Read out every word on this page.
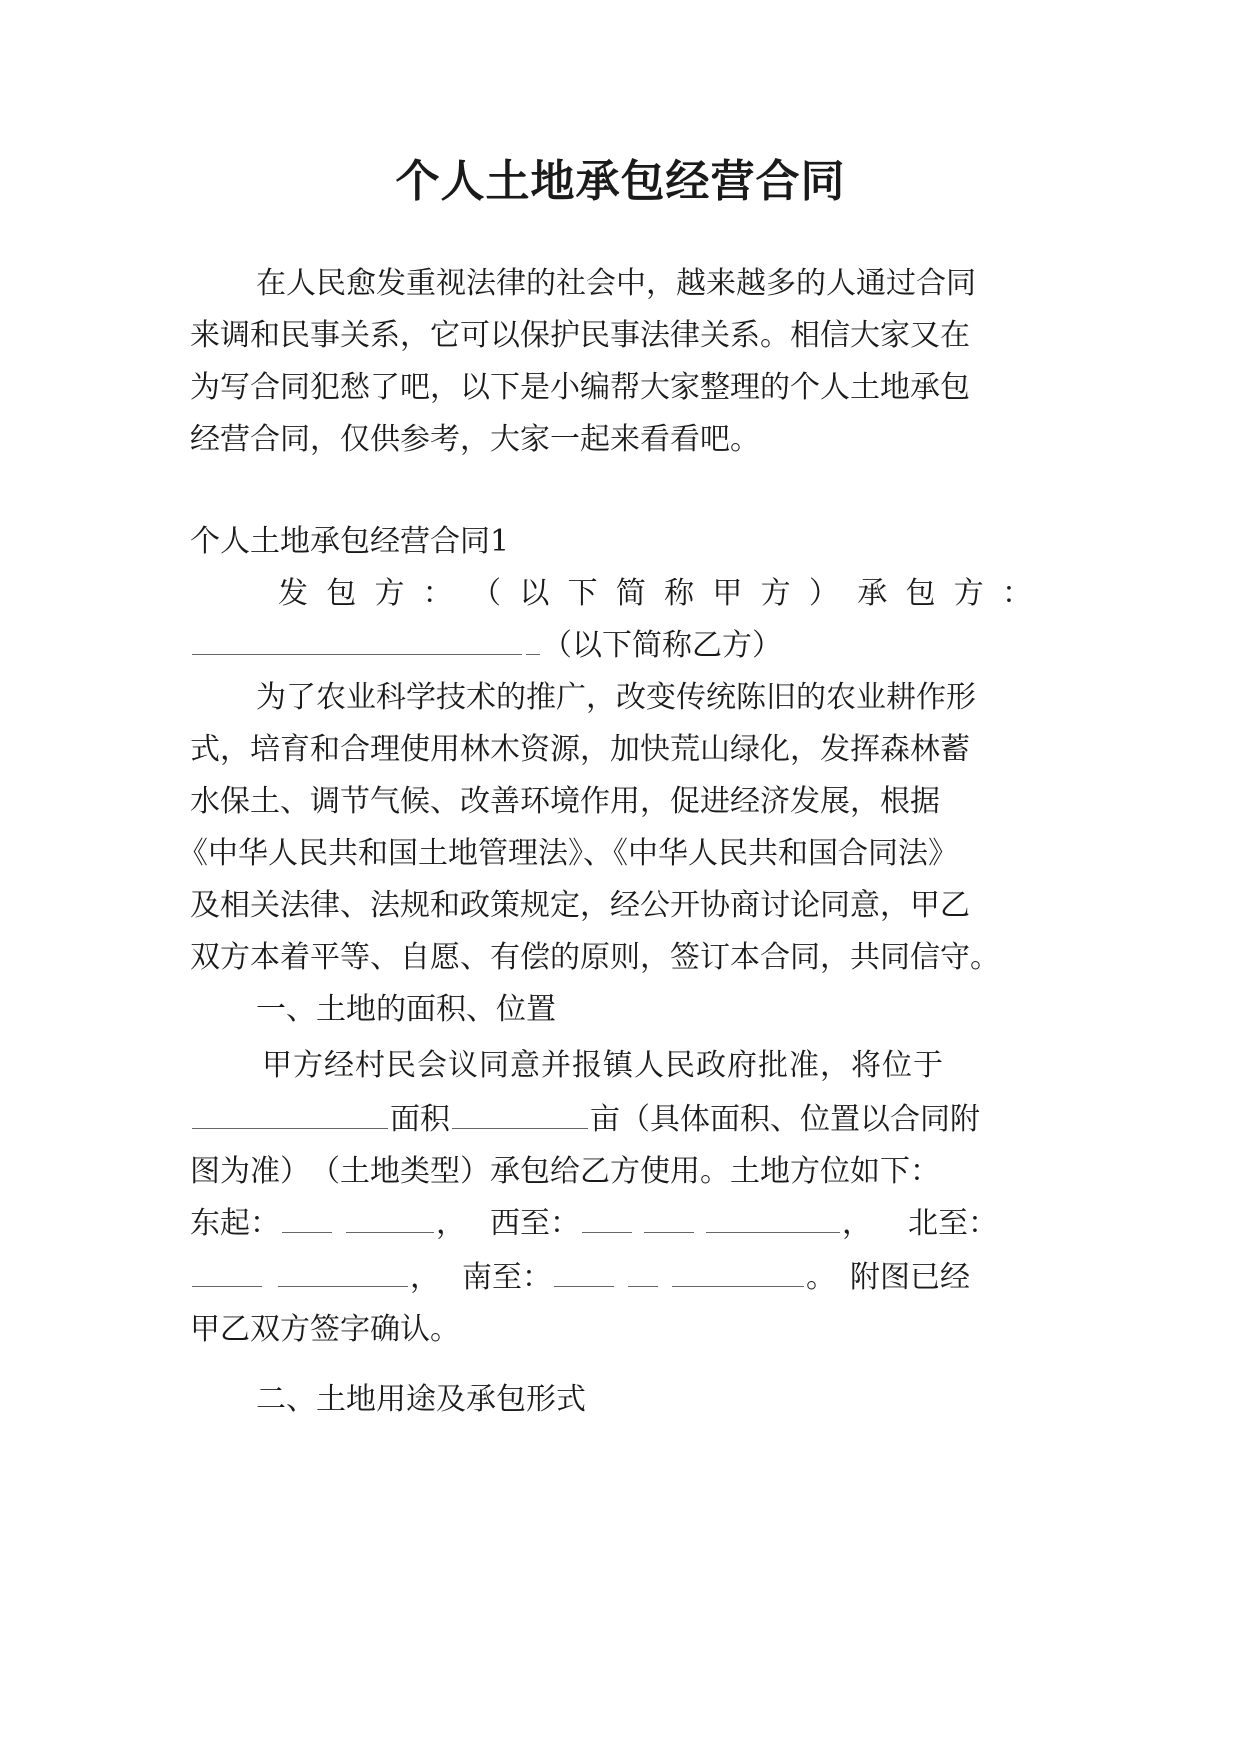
个人土地承包经营合同

在人民愈发重视法律的社会中，越来越多的人通过合同

来调和民事关系，它可以保护民事法律关系。相信大家又在

为写合同犯愁了吧，以下是小编帮大家整理的个人土地承包

经营合同，仅供参考，大家一起来看看吧。

个人土地承包经营合同1

发 包 方 ： （ 以 下 简 称 甲 方 ） 承 包 方 ：

（以下简称乙方）

为了农业科学技术的推广，改变传统陈旧的农业耕作形

式，培育和合理使用林木资源，加快荒山绿化，发挥森林蓄

水保土、调节气候、改善环境作用，促进经济发展，根据

《中华人民共和国土地管理法》、《中华人民共和国合同法》

及相关法律、法规和政策规定，经公开协商讨论同意，甲乙

双方本着平等、自愿、有偿的原则，签订本合同，共同信守。

一、土地的面积、位置

甲方经村民会议同意并报镇人民政府批准，将位于

面积	亩（具体面积、位置以合同附

图为准）　（土地类型）承包给乙方使用。土地方位如下：

东起：	， 西至：	， 北至：

， 南至：	。 附图已经

甲乙双方签字确认。

二、土地用途及承包形式
